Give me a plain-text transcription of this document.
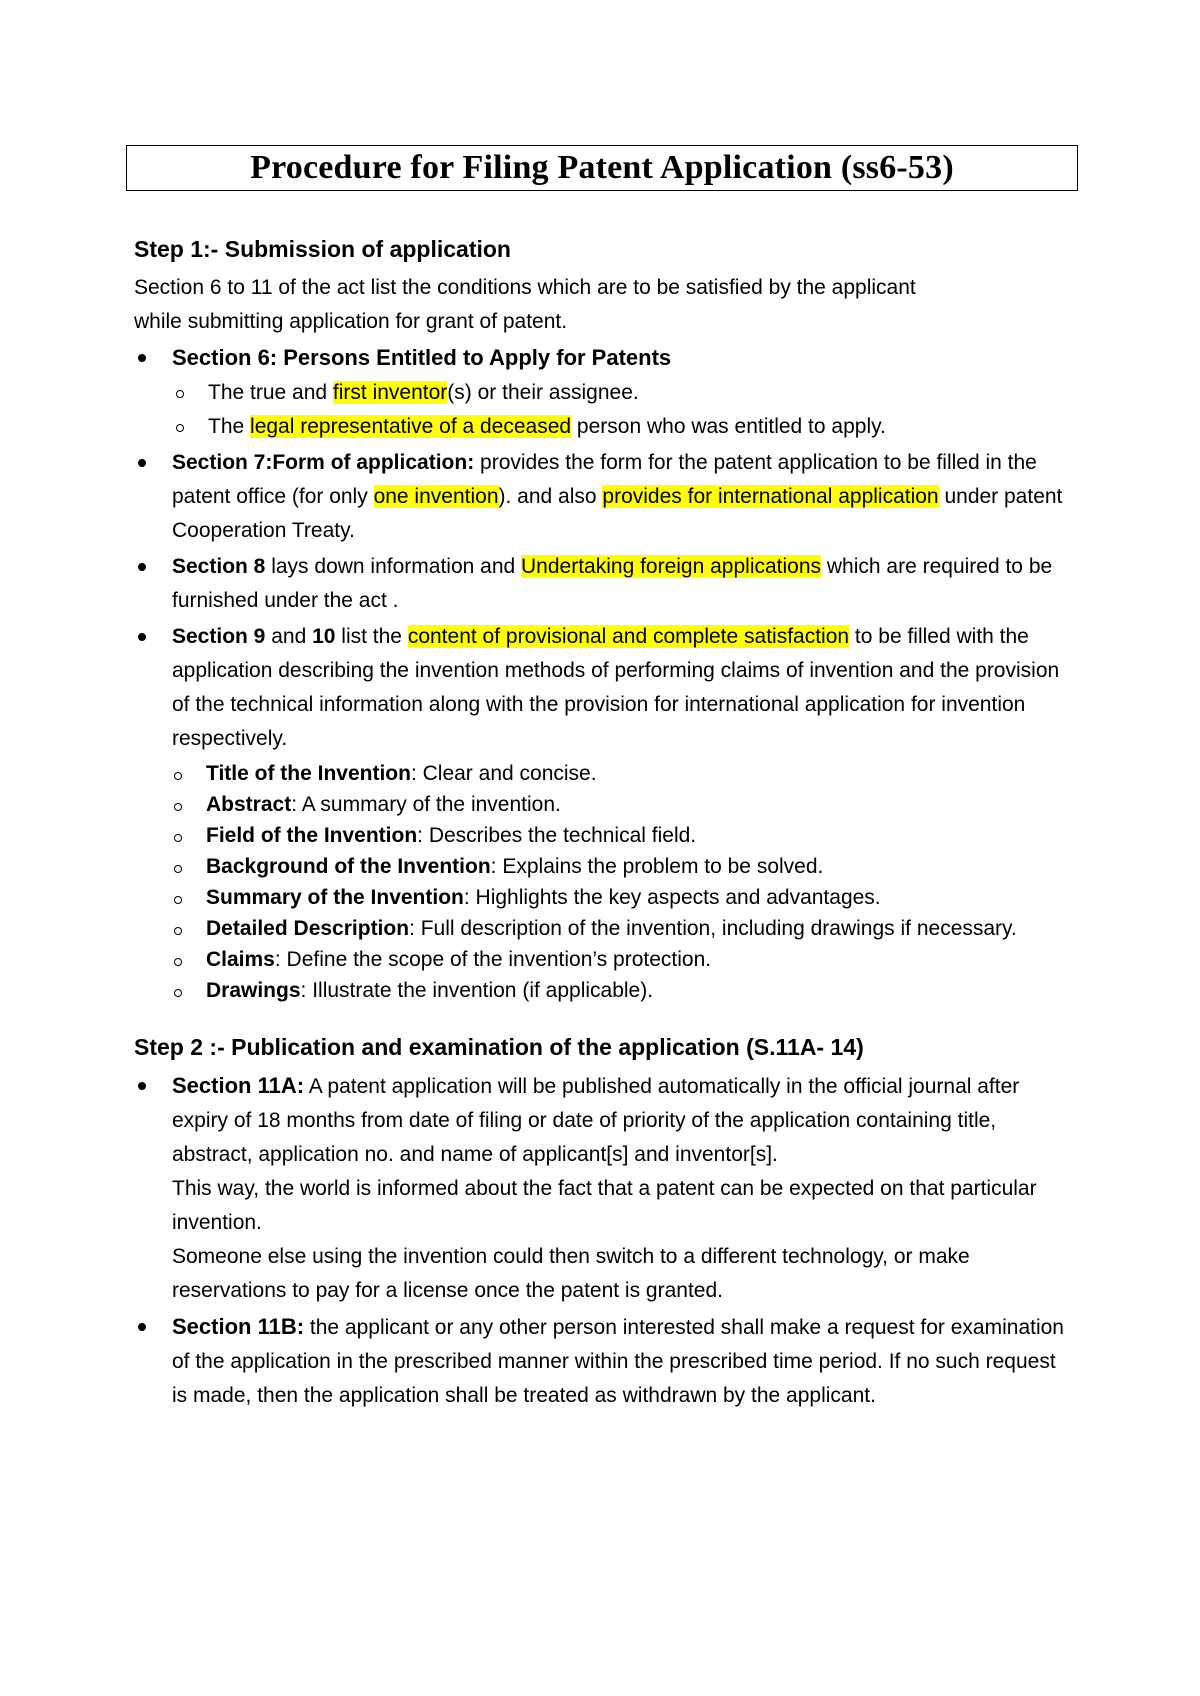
Procedure for Filing Patent Application (ss6-53)
Step 1:- Submission of application

Section 6 to 11 of the act list the conditions which are to be satisfied by the applicant
while submitting application for grant of patent.

Section 6: Persons Entitled to Apply for Patents
The true and first inventor(s) or their assignee.
The legal representative of a deceased person who was entitled to apply.
Section 7:Form of application: provides the form for the patent application to be filled in the patent office (for only one invention). and also provides for international application under patent Cooperation Treaty.
Section 8 lays down information and Undertaking foreign applications which are required to be furnished under the act .
Section 9 and 10 list the content of provisional and complete satisfaction to be filled with the application describing the invention methods of performing claims of invention and the provision of the technical information along with the provision for international application for invention respectively.
Title of the Invention: Clear and concise.
Abstract: A summary of the invention.
Field of the Invention: Describes the technical field.
Background of the Invention: Explains the problem to be solved.
Summary of the Invention: Highlights the key aspects and advantages.
Detailed Description: Full description of the invention, including drawings if necessary.
Claims: Define the scope of the invention’s protection.
Drawings: Illustrate the invention (if applicable).
Step 2 :- Publication and examination of the application (S.11A- 14)
Section 11A: A patent application will be published automatically in the official journal after expiry of 18 months from date of filing or date of priority of the application containing title, abstract, application no. and name of applicant[s] and inventor[s].
This way, the world is informed about the fact that a patent can be expected on that particular invention.
Someone else using the invention could then switch to a different technology, or make reservations to pay for a license once the patent is granted.
Section 11B: the applicant or any other person interested shall make a request for examination of the application in the prescribed manner within the prescribed time period. If no such request is made, then the application shall be treated as withdrawn by the applicant.
